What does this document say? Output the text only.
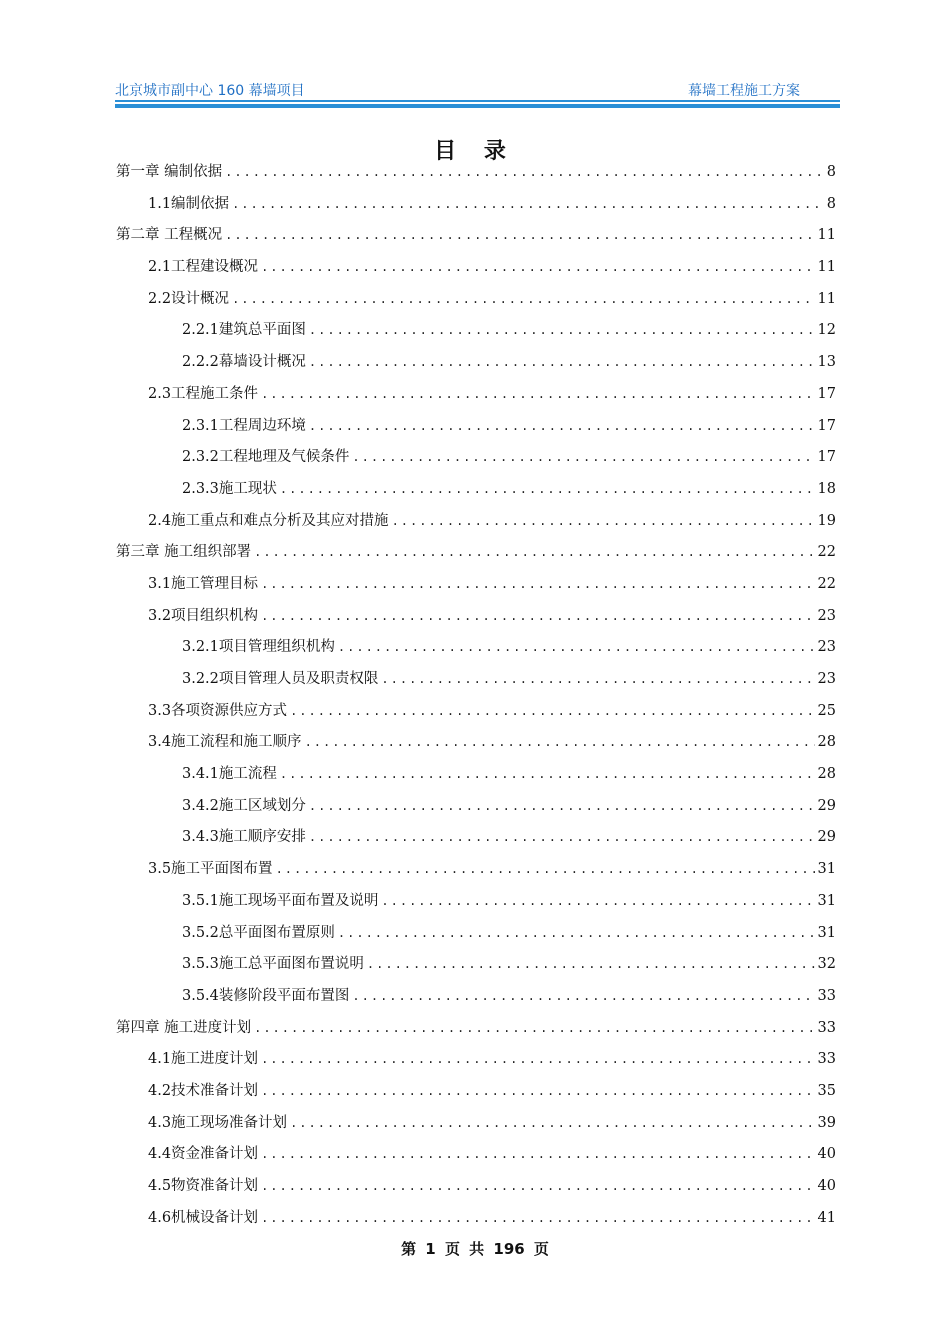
北京城市副中心 160 幕墙项目	幕墙工程施工方案
目 录
第一章 编制依据 .....	8
1.1编制依据 .....	8
第二章 工程概况 .....	11
2.1工程建设概况 .....	11
2.2设计概况 .....	11
2.2.1建筑总平面图 .....	12
2.2.2幕墙设计概况 .....	13
2.3工程施工条件 .....	17
2.3.1工程周边环境 .....	17
2.3.2工程地理及气候条件 .....	17
2.3.3施工现状 .....	18
2.4施工重点和难点分析及其应对措施 .....	19
第三章 施工组织部署 .....	22
3.1施工管理目标 .....	22
3.2项目组织机构 .....	23
3.2.1项目管理组织机构 .....	23
3.2.2项目管理人员及职责权限 .....	23
3.3各项资源供应方式 .....	25
3.4施工流程和施工顺序 .....	28
3.4.1施工流程 .....	28
3.4.2施工区域划分 .....	29
3.4.3施工顺序安排 .....	29
3.5施工平面图布置 .....	31
3.5.1施工现场平面布置及说明 .....	31
3.5.2总平面图布置原则 .....	31
3.5.3施工总平面图布置说明 .....	32
3.5.4装修阶段平面布置图 .....	33
第四章 施工进度计划 .....	33
4.1施工进度计划 .....	33
4.2技术准备计划 .....	35
4.3施工现场准备计划 .....	39
4.4资金准备计划 .....	40
4.5物资准备计划 .....	40
4.6机械设备计划 .....	41
第 1 页 共 196 页
